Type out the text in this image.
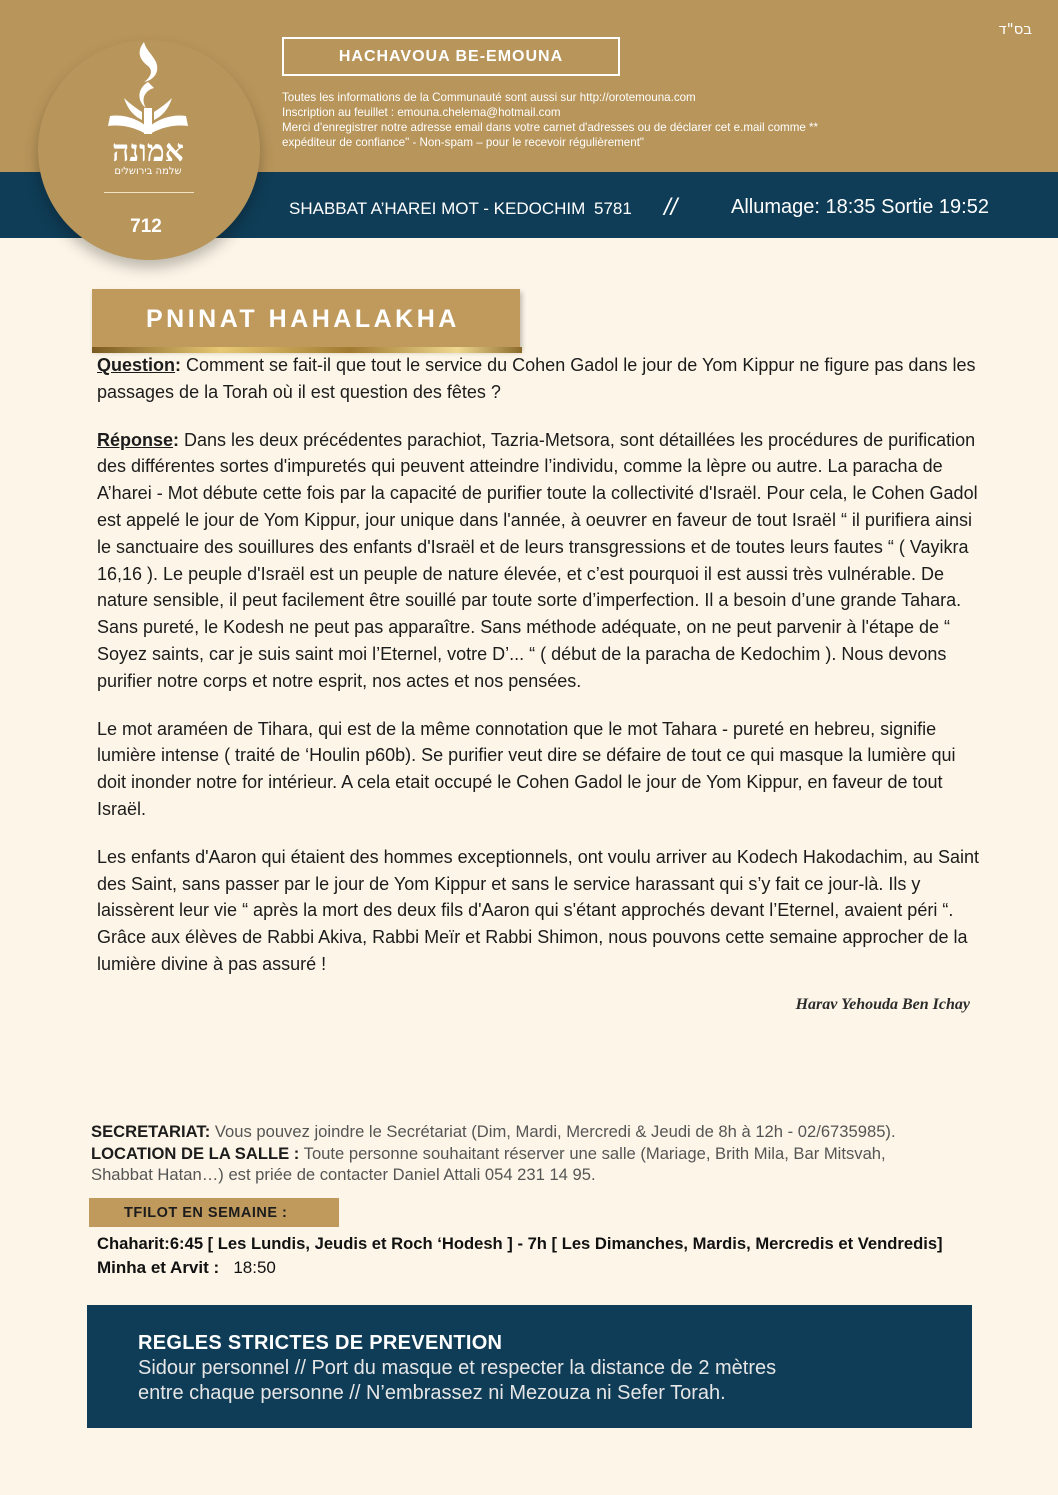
אמונה
שלמה בירושלים
712
בס"ד
HACHAVOUA BE-EMOUNA
Toutes les informations de la Communauté sont aussi sur http://orotemouna.com
Inscription au feuillet : emouna.chelema@hotmail.com
Merci d'enregistrer notre adresse email dans votre carnet d'adresses ou de déclarer cet e.mail comme **
expéditeur de confiance" - Non-spam – pour le recevoir régulièrement"
SHABBAT A’HAREI MOT - KEDOCHIM 5781 //	Allumage: 18:35 Sortie 19:52
PNINAT HAHALAKHA

Question: Comment se fait-il que tout le service du Cohen Gadol le jour de Yom Kippur ne figure pas dans les passages de la Torah où il est question des fêtes ?

Réponse: Dans les deux précédentes parachiot, Tazria-Metsora, sont détaillées les procédures de purification des différentes sortes d'impuretés qui peuvent atteindre l’individu, comme la lèpre ou autre. La paracha de A’harei - Mot débute cette fois par la capacité de purifier toute la collectivité d'Israël. Pour cela, le Cohen Gadol est appelé le jour de Yom Kippur, jour unique dans l'année, à oeuvrer en faveur de tout Israël “ il purifiera ainsi le sanctuaire des souillures des enfants d'Israël et de leurs transgressions et de toutes leurs fautes “ ( Vayikra 16,16 ). Le peuple d'Israël est un peuple de nature élevée, et c’est pourquoi il est aussi très vulnérable. De nature sensible, il peut facilement être souillé par toute sorte d’imperfection. Il a besoin d’une grande Tahara. Sans pureté, le Kodesh ne peut pas apparaître. Sans méthode adéquate, on ne peut parvenir à l'étape de “ Soyez saints, car je suis saint moi l’Eternel, votre D’... “ ( début de la paracha de Kedochim ). Nous devons purifier notre corps et notre esprit, nos actes et nos pensées.

Le mot araméen de Tihara, qui est de la même connotation que le mot Tahara - pureté en hebreu, signifie lumière intense ( traité de ‘Houlin p60b). Se purifier veut dire se défaire de tout ce qui masque la lumière qui doit inonder notre for intérieur. A cela etait occupé le Cohen Gadol le jour de Yom Kippur, en faveur de tout Israël.

Les enfants d'Aaron qui étaient des hommes exceptionnels, ont voulu arriver au Kodech Hakodachim, au Saint des Saint, sans passer par le jour de Yom Kippur et sans le service harassant qui s’y fait ce jour-là. Ils y laissèrent leur vie “ après la mort des deux fils d'Aaron qui s'étant approchés devant l’Eternel, avaient péri “. Grâce aux élèves de Rabbi Akiva, Rabbi Meïr et Rabbi Shimon, nous pouvons cette semaine approcher de la lumière divine à pas assuré !

Harav Yehouda Ben Ichay
SECRETARIAT: Vous pouvez joindre le Secrétariat (Dim, Mardi, Mercredi & Jeudi de 8h à 12h - 02/6735985).
LOCATION DE LA SALLE : Toute personne souhaitant réserver une salle (Mariage, Brith Mila, Bar Mitsvah,
Shabbat Hatan…) est priée de contacter Daniel Attali 054 231 14 95.
TFILOT EN SEMAINE :
Chaharit:6:45 [ Les Lundis, Jeudis et Roch ‘Hodesh ] - 7h [ Les Dimanches, Mardis, Mercredis et Vendredis]
Minha et Arvit : 18:50
REGLES STRICTES DE PREVENTION
Sidour personnel // Port du masque et respecter la distance de 2 mètres
entre chaque personne // N’embrassez ni Mezouza ni Sefer Torah.
